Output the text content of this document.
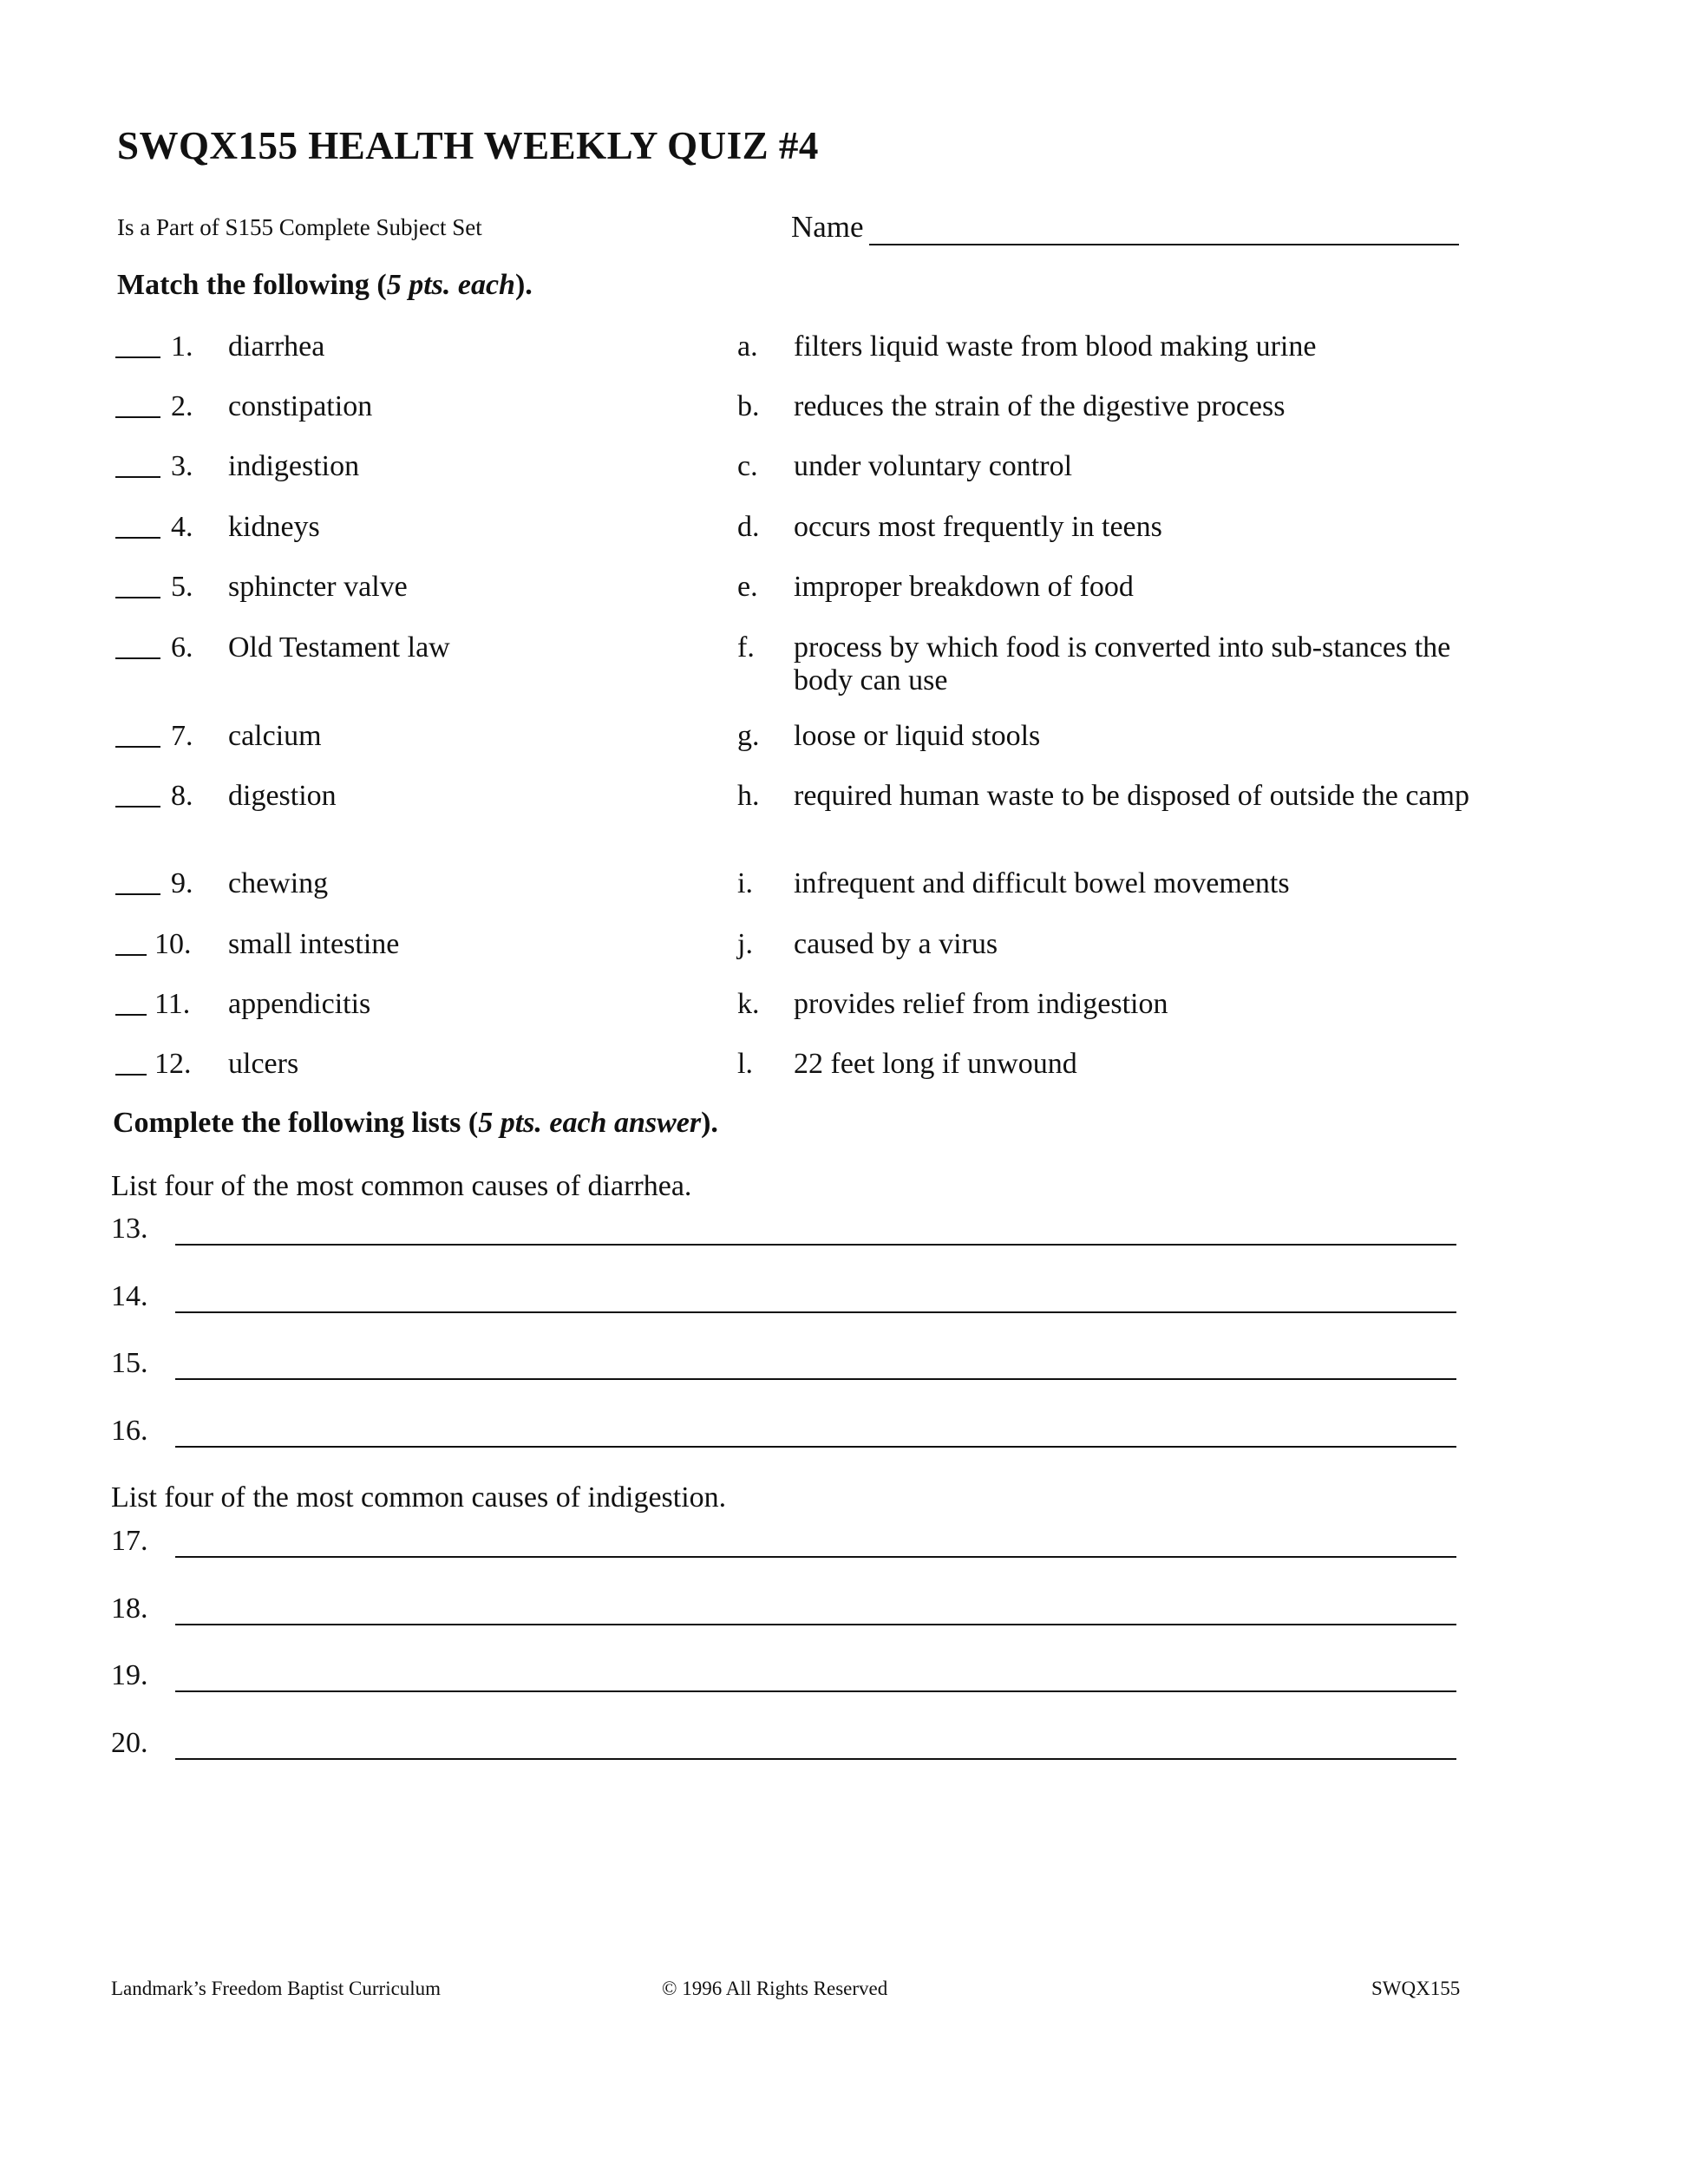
SWQX155 HEALTH WEEKLY QUIZ #4
Is a Part of S155 Complete Subject Set	Name
Match the following (5 pts. each).
1. diarrhea	a. filters liquid waste from blood making urine
2. constipation	b. reduces the strain of the digestive process
3. indigestion	c. under voluntary control
4. kidneys	d. occurs most frequently in teens
5. sphincter valve	e. improper breakdown of food
6. Old Testament law	f. process by which food is converted into sub-stances the body can use
7. calcium	g. loose or liquid stools
8. digestion	h. required human waste to be disposed of outside the camp
9. chewing	i. infrequent and difficult bowel movements
10. small intestine	j. caused by a virus
11. appendicitis	k. provides relief from indigestion
12. ulcers	l. 22 feet long if unwound
Complete the following lists (5 pts. each answer).
List four of the most common causes of diarrhea.
13.
14.
15.
16.
List four of the most common causes of indigestion.
17.
18.
19.
20.
Landmark’s Freedom Baptist Curriculum	© 1996 All Rights Reserved	SWQX155
